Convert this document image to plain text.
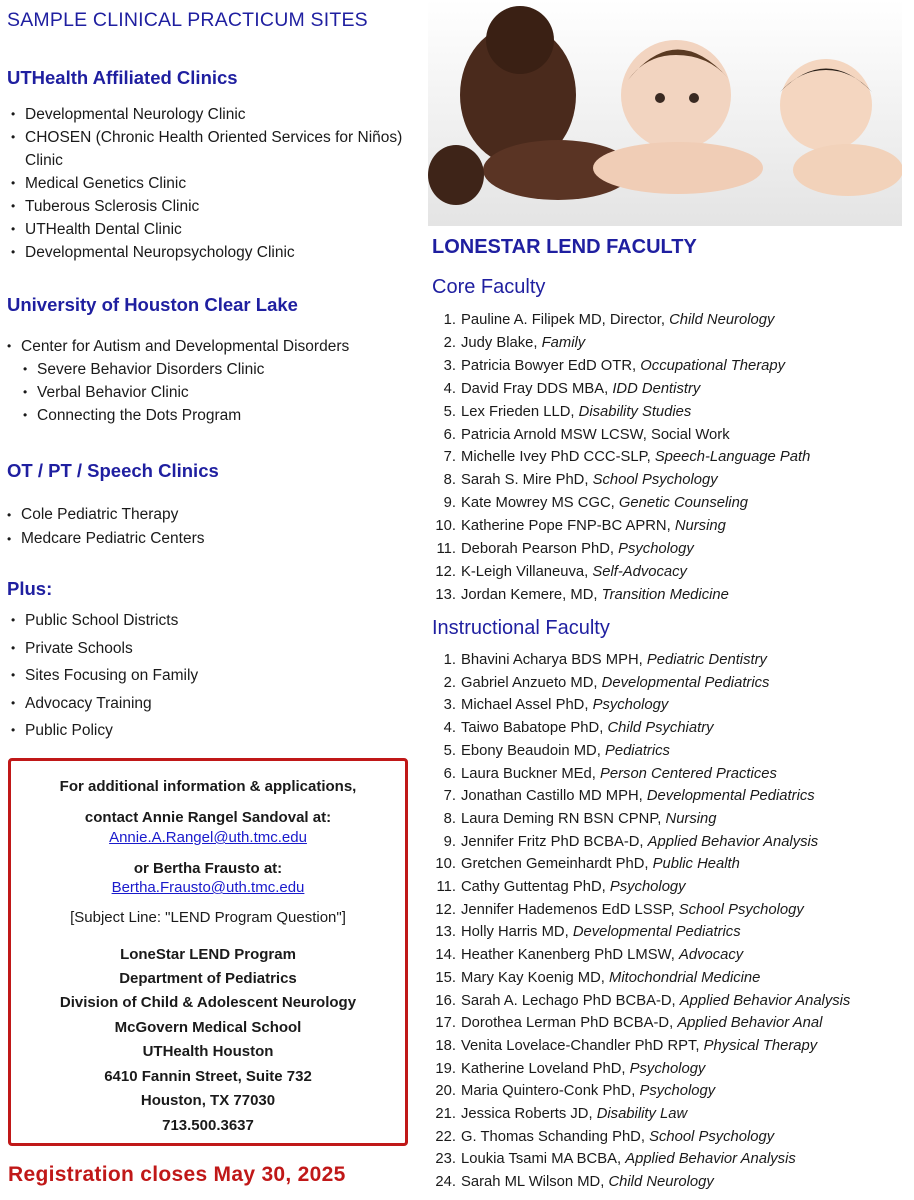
SAMPLE CLINICAL PRACTICUM SITES
UTHealth Affiliated Clinics
• Developmental Neurology Clinic
• CHOSEN (Chronic Health Oriented Services for Niños) Clinic
• Medical Genetics Clinic
• Tuberous Sclerosis Clinic
• UTHealth Dental Clinic
• Developmental Neuropsychology Clinic
University of Houston Clear Lake
• Center for Autism and Developmental Disorders
• Severe Behavior Disorders Clinic
• Verbal Behavior Clinic
• Connecting the Dots Program
OT / PT / Speech Clinics
• Cole Pediatric Therapy
• Medcare Pediatric Centers
Plus:
• Public School Districts
• Private Schools
• Sites Focusing on Family
• Advocacy Training
• Public Policy
For additional information & applications,
contact Annie Rangel Sandoval at:
Annie.A.Rangel@uth.tmc.edu
or Bertha Frausto at:
Bertha.Frausto@uth.tmc.edu
[Subject Line: "LEND Program Question"]
LoneStar LEND Program
Department of Pediatrics
Division of Child & Adolescent Neurology
McGovern Medical School
UTHealth Houston
6410 Fannin Street, Suite 732
Houston, TX 77030
713.500.3637
Registration closes May 30, 2025
LONESTAR LEND FACULTY
Core Faculty
1. Pauline A. Filipek MD, Director, Child Neurology
2. Judy Blake, Family
3. Patricia Bowyer EdD OTR, Occupational Therapy
4. David Fray DDS MBA, IDD Dentistry
5. Lex Frieden LLD, Disability Studies
6. Patricia Arnold MSW LCSW, Social Work
7. Michelle Ivey PhD CCC-SLP, Speech-Language Path
8. Sarah S. Mire PhD, School Psychology
9. Kate Mowrey MS CGC, Genetic Counseling
10. Katherine Pope FNP-BC APRN, Nursing
11. Deborah Pearson PhD, Psychology
12. K-Leigh Villaneuva, Self-Advocacy
13. Jordan Kemere, MD, Transition Medicine
Instructional Faculty
1. Bhavini Acharya BDS MPH, Pediatric Dentistry
2. Gabriel Anzueto MD, Developmental Pediatrics
3. Michael Assel PhD, Psychology
4. Taiwo Babatope PhD, Child Psychiatry
5. Ebony Beaudoin MD, Pediatrics
6. Laura Buckner MEd, Person Centered Practices
7. Jonathan Castillo MD MPH, Developmental Pediatrics
8. Laura Deming RN BSN CPNP, Nursing
9. Jennifer Fritz PhD BCBA-D, Applied Behavior Analysis
10. Gretchen Gemeinhardt PhD, Public Health
11. Cathy Guttentag PhD, Psychology
12. Jennifer Hademenos EdD LSSP, School Psychology
13. Holly Harris MD, Developmental Pediatrics
14. Heather Kanenberg PhD LMSW, Advocacy
15. Mary Kay Koenig MD, Mitochondrial Medicine
16. Sarah A. Lechago PhD BCBA-D, Applied Behavior Analysis
17. Dorothea Lerman PhD BCBA-D, Applied Behavior Anal
18. Venita Lovelace-Chandler PhD RPT, Physical Therapy
19. Katherine Loveland PhD, Psychology
20. Maria Quintero-Conk PhD, Psychology
21. Jessica Roberts JD, Disability Law
22. G. Thomas Schanding PhD, School Psychology
23. Loukia Tsami MA BCBA, Applied Behavior Analysis
24. Sarah ML Wilson MD, Child Neurology
